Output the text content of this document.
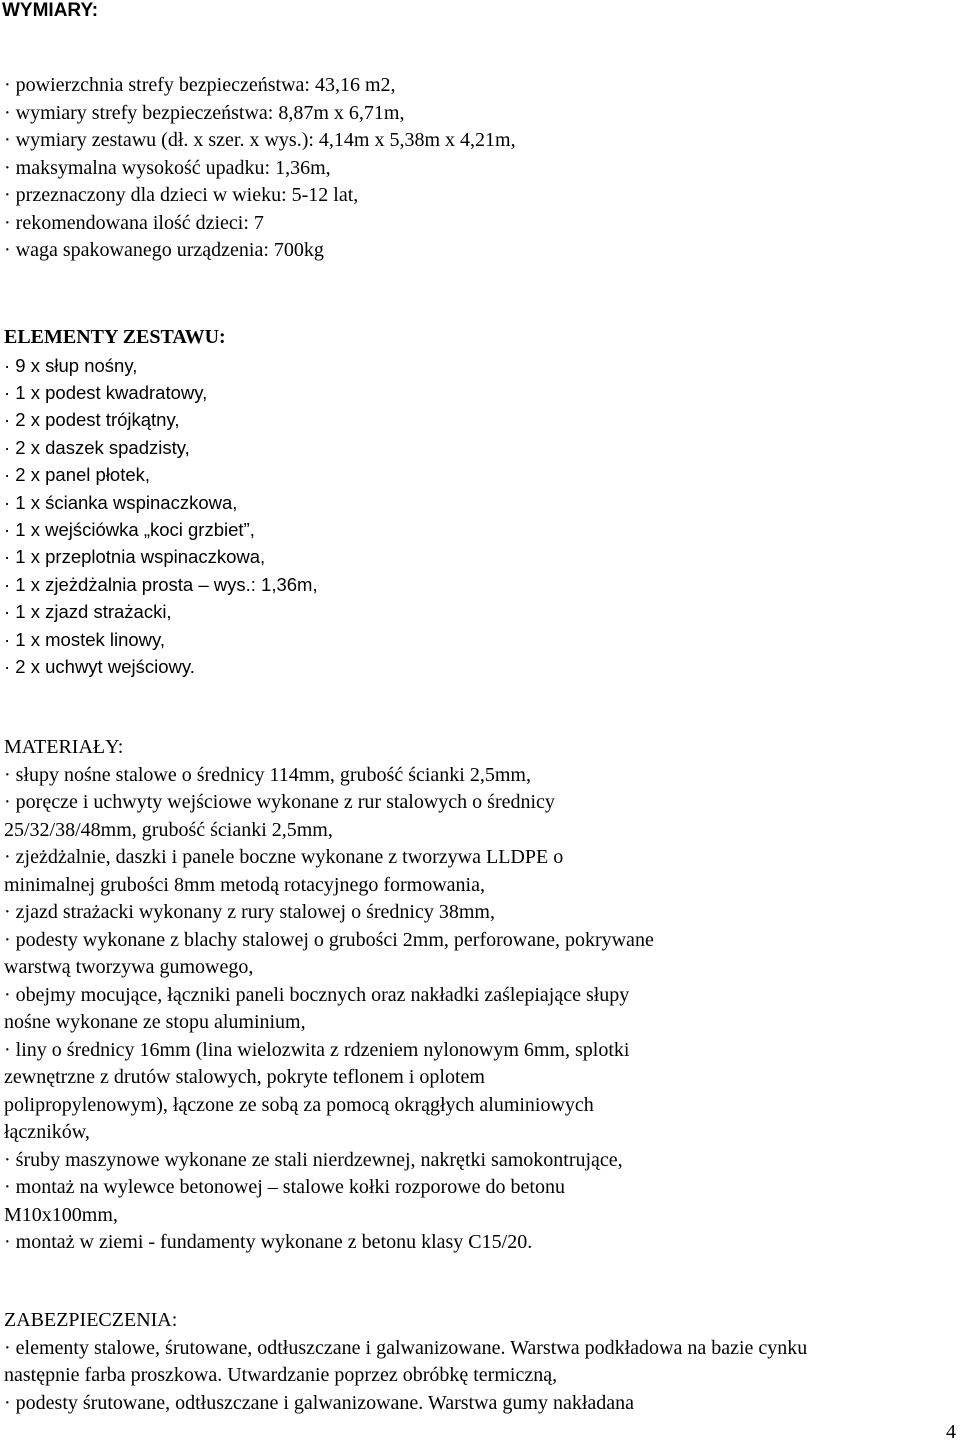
WYMIARY:

· powierzchnia strefy bezpieczeństwa: 43,16 m2,

· wymiary strefy bezpieczeństwa: 8,87m x 6,71m,

· wymiary zestawu (dł. x szer. x wys.): 4,14m x 5,38m x 4,21m,

· maksymalna wysokość upadku: 1,36m,

· przeznaczony dla dzieci w wieku: 5-12 lat,

· rekomendowana ilość dzieci: 7

· waga spakowanego urządzenia: 700kg

ELEMENTY ZESTAWU:

· 9 x słup nośny,

· 1 x podest kwadratowy,

· 2 x podest trójkątny,

· 2 x daszek spadzisty,

· 2 x panel płotek,

· 1 x ścianka wspinaczkowa,

· 1 x wejściówka „koci grzbiet”,

· 1 x przeplotnia wspinaczkowa,

· 1 x zjeżdżalnia prosta – wys.: 1,36m,

· 1 x zjazd strażacki,

· 1 x mostek linowy,

· 2 x uchwyt wejściowy.

MATERIAŁY:

· słupy nośne stalowe o średnicy 114mm, grubość ścianki 2,5mm,

· poręcze i uchwyty wejściowe wykonane z rur stalowych o średnicy

25/32/38/48mm, grubość ścianki 2,5mm,

· zjeżdżalnie, daszki i panele boczne wykonane z tworzywa LLDPE o

minimalnej grubości 8mm metodą rotacyjnego formowania,

· zjazd strażacki wykonany z rury stalowej o średnicy 38mm,

· podesty wykonane z blachy stalowej o grubości 2mm, perforowane, pokrywane

warstwą tworzywa gumowego,

· obejmy mocujące, łączniki paneli bocznych oraz nakładki zaślepiające słupy

nośne wykonane ze stopu aluminium,

· liny o średnicy 16mm (lina wielozwita z rdzeniem nylonowym 6mm, splotki

zewnętrzne z drutów stalowych, pokryte teflonem i oplotem

polipropylenowym), łączone ze sobą za pomocą okrągłych aluminiowych

łączników,

· śruby maszynowe wykonane ze stali nierdzewnej, nakrętki samokontrujące,

· montaż na wylewce betonowej – stalowe kołki rozporowe do betonu

M10x100mm,

· montaż w ziemi - fundamenty wykonane z betonu klasy C15/20.

ZABEZPIECZENIA:

· elementy stalowe, śrutowane, odtłuszczane i galwanizowane. Warstwa podkładowa na bazie cynku

następnie farba proszkowa. Utwardzanie poprzez obróbkę termiczną,

· podesty śrutowane, odtłuszczane i galwanizowane. Warstwa gumy nakładana

4
